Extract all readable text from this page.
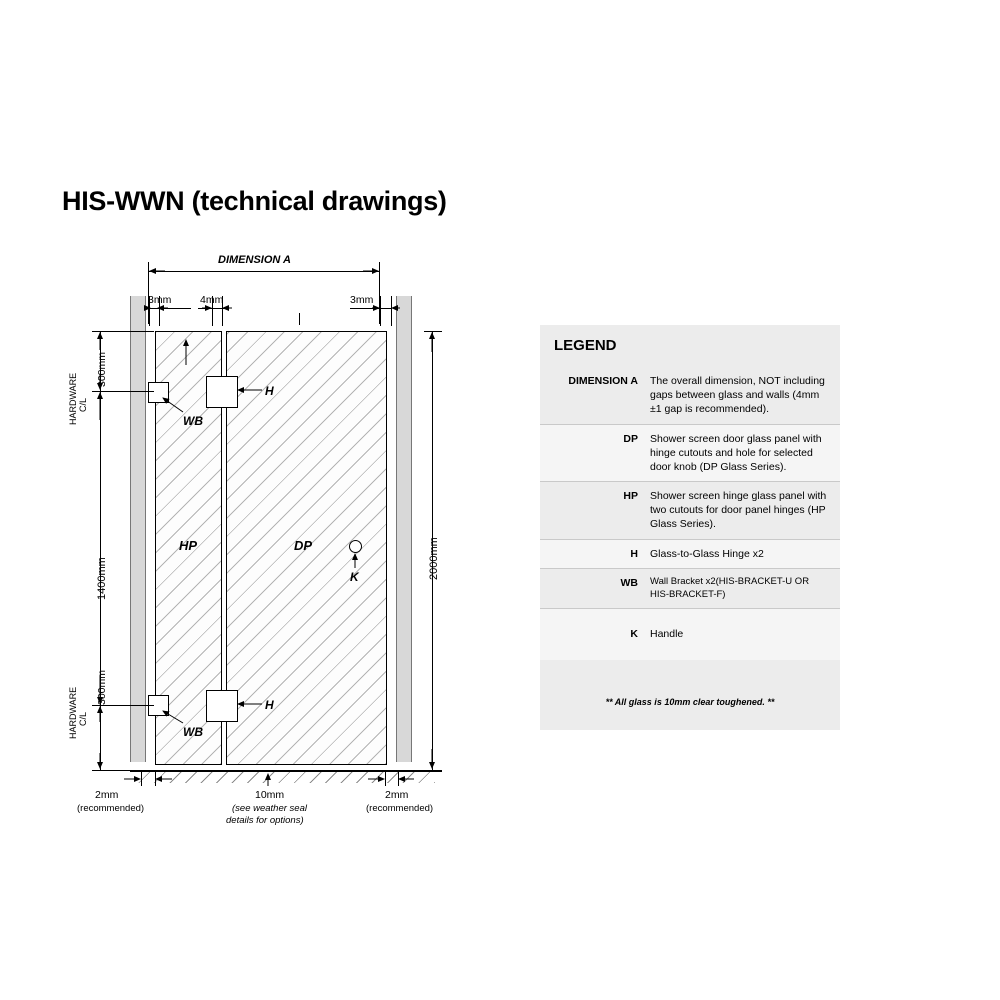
HIS-WWN (technical drawings)
DIMENSION A
3mm	4mm	3mm
H
H
WB
WB
K
HP	DP
300mm
300mm
1400mm
C/L
HARDWARE
C/L
HARDWARE
2000mm
2mm
(recommended)
10mm
(see weather seal
details for options)
2mm
(recommended)
LEGEND
DIMENSION A	The overall dimension, NOT including gaps between glass and walls (4mm ±1 gap is recommended).
DP	Shower screen door glass panel with hinge cutouts and hole for selected door knob (DP Glass Series).
HP	Shower screen hinge glass panel with two cutouts for door panel hinges (HP Glass Series).
H	Glass-to-Glass Hinge x2
WB	Wall Bracket x2(HIS-BRACKET-U OR HIS-BRACKET-F)
K	Handle
** All glass is 10mm clear toughened. **
